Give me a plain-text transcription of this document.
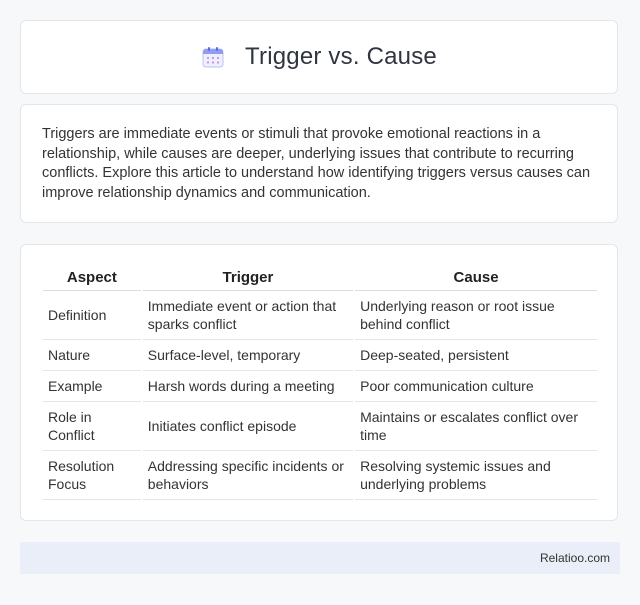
Trigger vs. Cause

Triggers are immediate events or stimuli that provoke emotional reactions in a relationship, while causes are deeper, underlying issues that contribute to recurring conflicts. Explore this article to understand how identifying triggers versus causes can improve relationship dynamics and communication.

Aspect	Trigger	Cause
Definition	Immediate event or action that sparks conflict	Underlying reason or root issue behind conflict
Nature	Surface-level, temporary	Deep-seated, persistent
Example	Harsh words during a meeting	Poor communication culture
Role in Conflict	Initiates conflict episode	Maintains or escalates conflict over time
Resolution Focus	Addressing specific incidents or behaviors	Resolving systemic issues and underlying problems
Relatioo.com
